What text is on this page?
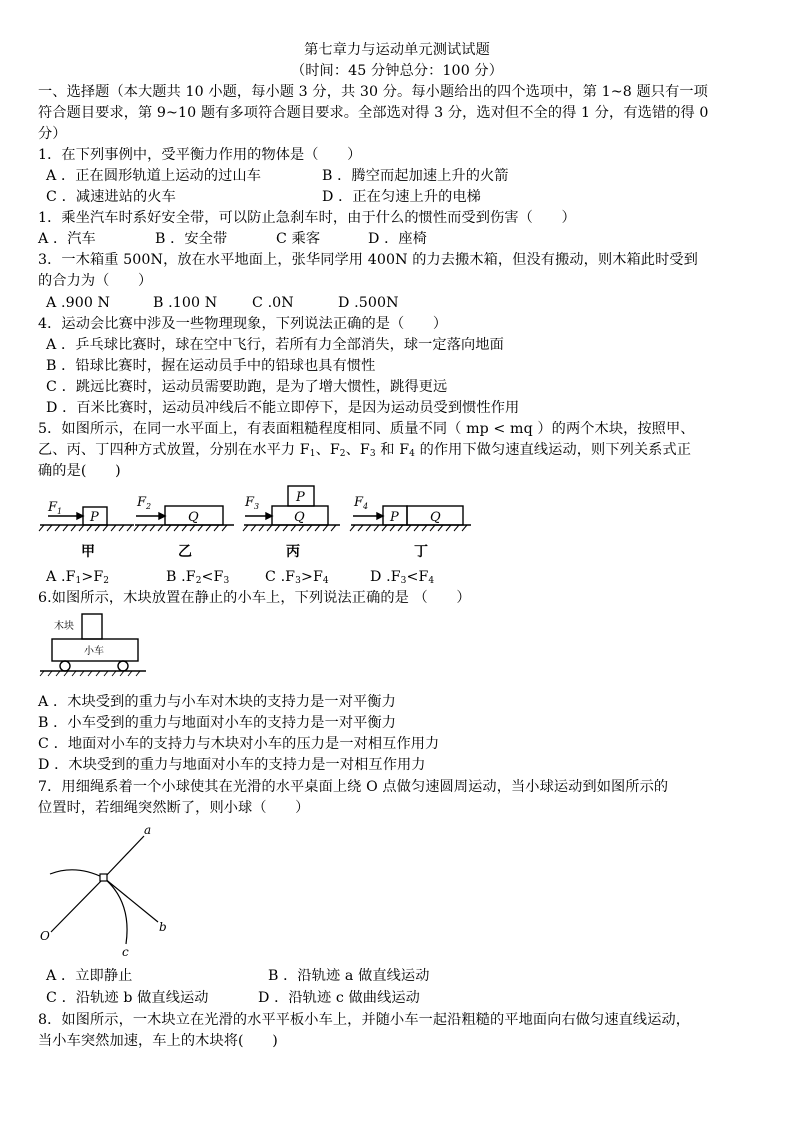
第七章力与运动单元测试试题
（时间：45 分钟总分：100 分）
一、选择题（本大题共 10 小题，每小题 3 分，共 30 分。每小题给出的四个选项中，第 1~8 题只有一项
符合题目要求，第 9~10 题有多项符合题目要求。全部选对得 3 分，选对但不全的得 1 分，有选错的得 0
分）
1．在下列事例中，受平衡力作用的物体是（　　）
A ．正在圆形轨道上运动的过山车	B ．腾空而起加速上升的火箭
C ．减速进站的火车	D ．正在匀速上升的电梯
1．乘坐汽车时系好安全带，可以防止急刹车时，由于什么的惯性而受到伤害（　　）
A ．汽车	B ．安全带	C 乘客	D ．座椅
3．一木箱重 500N，放在水平地面上，张华同学用 400N 的力去搬木箱，但没有搬动，则木箱此时受到
的合力为（　　）
A .900 N	B .100 N	C .0N	D .500N
4．运动会比赛中涉及一些物理现象，下列说法正确的是（　　）
A ．乒乓球比赛时，球在空中飞行，若所有力全部消失，球一定落向地面
B ．铅球比赛时，握在运动员手中的铅球也具有惯性
C ．跳远比赛时，运动员需要助跑，是为了增大惯性，跳得更远
D ．百米比赛时，运动员冲线后不能立即停下，是因为运动员受到惯性作用
5．如图所示，在同一水平面上，有表面粗糙程度相同、质量不同（ mp < mq ）的两个木块，按照甲、
乙、丙、丁四种方式放置，分别在水平力 $F_1$、$F_2$、$F_3$ 和 $F_4$ 的作用下做匀速直线运动，则下列关系式正
确的是(　　)
F 1 P
F 2
Q
F 3
P
Q
F 4
P Q
甲	乙	丙	丁
A $.F_1>F_2$	B $.F_2<F_3$	C $.F_3>F_4$	D $.F_3<F_4$
6.如图所示，木块放置在静止的小车上，下列说法正确的是 （　　）
木块
小车
A ．木块受到的重力与小车对木块的支持力是一对平衡力
B ．小车受到的重力与地面对小车的支持力是一对平衡力
C ．地面对小车的支持力与木块对小车的压力是一对相互作用力
D ．木块受到的重力与地面对小车的支持力是一对相互作用力
7．用细绳系着一个小球使其在光滑的水平桌面上绕 O 点做匀速圆周运动，当小球运动到如图所示的
位置时，若细绳突然断了，则小球（　　）
O
a
b
c
A ．立即静止	B ．沿轨迹 a 做直线运动
C ．沿轨迹 b 做直线运动	D ．沿轨迹 c 做曲线运动
8．如图所示，一木块立在光滑的水平平板小车上，并随小车一起沿粗糙的平地面向右做匀速直线运动，
当小车突然加速，车上的木块将(　　)
